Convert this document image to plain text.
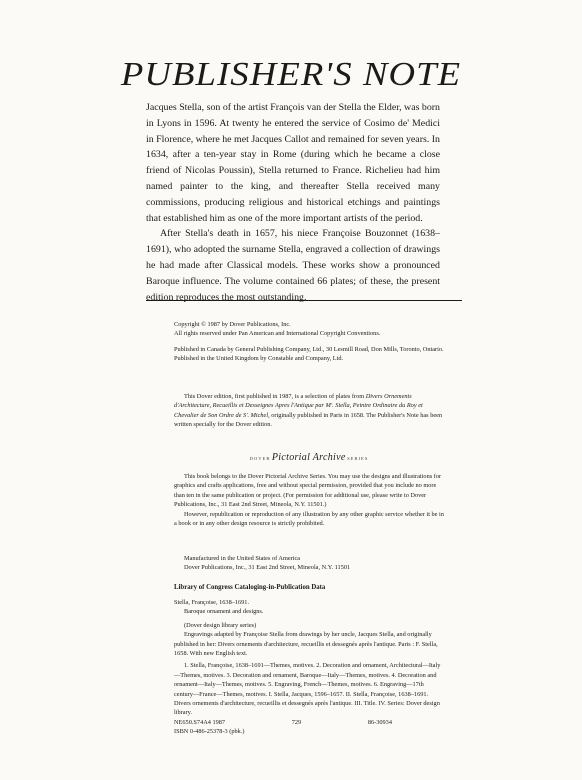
PUBLISHER'S NOTE

Jacques Stella, son of the artist François van der Stella the Elder, was born in Lyons in 1596. At twenty he entered the service of Cosimo de' Medici in Florence, where he met Jacques Callot and remained for seven years. In 1634, after a ten-year stay in Rome (during which he became a close friend of Nicolas Poussin), Stella returned to France. Richelieu had him named painter to the king, and thereafter Stella received many commissions, producing religious and historical etchings and paintings that established him as one of the more important artists of the period.

After Stella's death in 1657, his niece Françoise Bouzonnet (1638–1691), who adopted the surname Stella, engraved a collection of drawings he had made after Classical models. These works show a pronounced Baroque influence. The volume contained 66 plates; of these, the present edition reproduces the most outstanding.

Copyright © 1987 by Dover Publications, Inc.

All rights reserved under Pan American and International Copyright Conventions.

Published in Canada by General Publishing Company, Ltd., 30 Lesmill Road, Don Mills, Toronto, Ontario.

Published in the United Kingdom by Constable and Company, Ltd.

This Dover edition, first published in 1987, is a selection of plates from Divers Ornements d'Architecture, Recueillis et Desseignes Apres l'Antique par M'. Stella, Peintre Ordinaire du Roy et Chevalier de Son Ordre de S'. Michel, originally published in Paris in 1658. The Publisher's Note has been written specially for the Dover edition.

DOVER Pictorial Archive SERIES

This book belongs to the Dover Pictorial Archive Series. You may use the designs and illustrations for graphics and crafts applications, free and without special permission, provided that you include no more than ten in the same publication or project. (For permission for additional use, please write to Dover Publications, Inc., 31 East 2nd Street, Mineola, N.Y. 11501.)

However, republication or reproduction of any illustration by any other graphic service whether it be in a book or in any other design resource is strictly prohibited.

Manufactured in the United States of America

Dover Publications, Inc., 31 East 2nd Street, Mineola, N.Y. 11501

Library of Congress Cataloging-in-Publication Data

Stella, Françoise, 1638–1691.

Baroque ornament and designs.

(Dover design library series)

Engravings adapted by Françoise Stella from drawings by her uncle, Jacques Stella, and originally published in her: Divers ornements d'architecture, recueillis et dessegnés après l'antique. Paris : F. Stella, 1658. With new English text.

1. Stella, Françoise, 1638–1691—Themes, motives. 2. Decoration and ornament, Architectural—Italy—Themes, motives. 3. Decoration and ornament, Baroque—Italy—Themes, motives. 4. Decoration and ornament—Italy—Themes, motives. 5. Engraving, French—Themes, motives. 6. Engraving—17th century—France—Themes, motives. I. Stella, Jacques, 1596–1657. II. Stella, Françoise, 1638–1691. Divers ornements d'architecture, recueillis et dessegnés après l'antique. III. Title. IV. Series: Dover design library.

NE650.S74A4 1987	729	86-30934

ISBN 0-486-25378-3 (pbk.)
